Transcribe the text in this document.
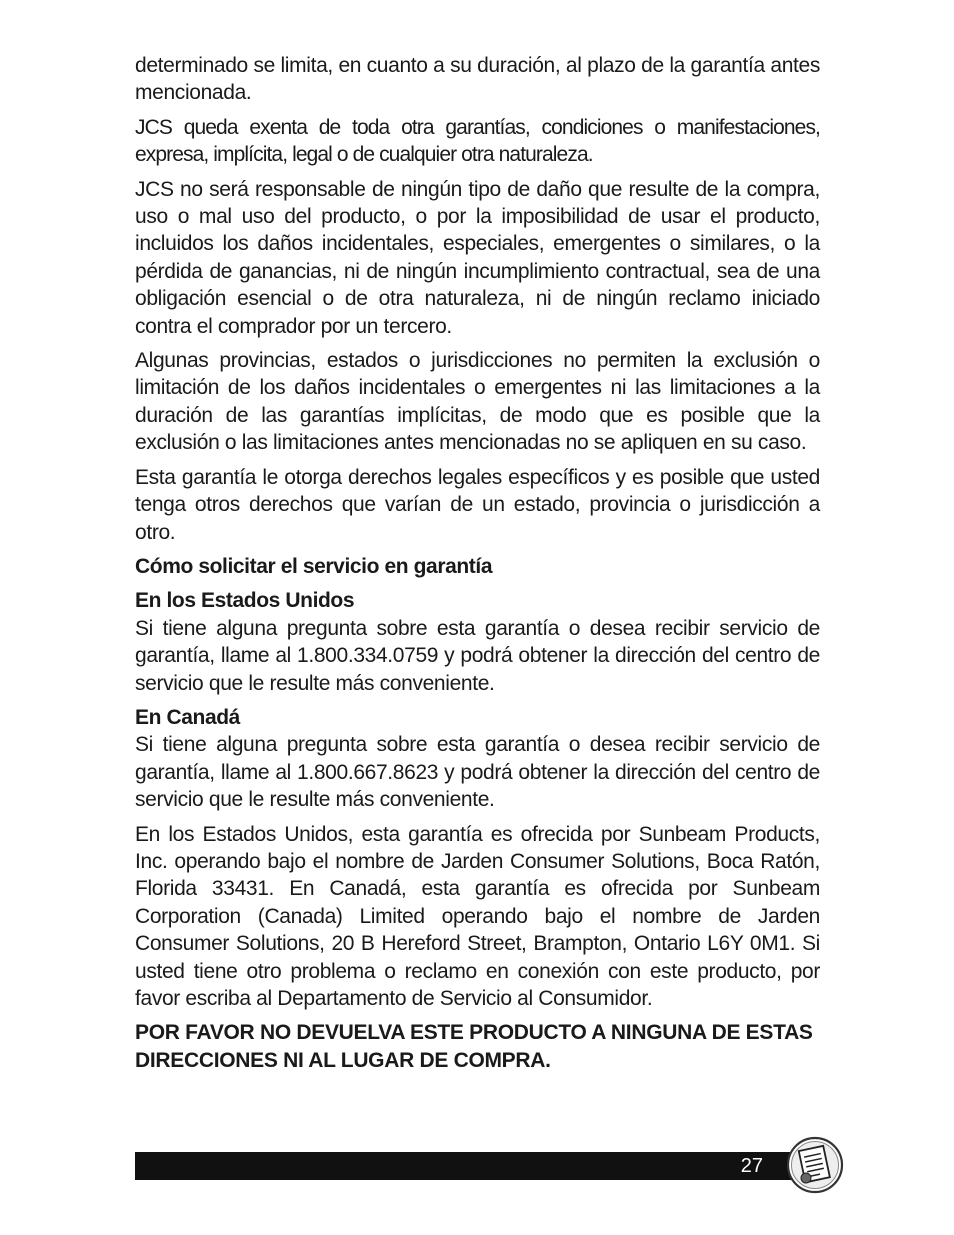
determinado se limita, en cuanto a su duración, al plazo de la garantía antes mencionada.

JCS queda exenta de toda otra garantías, condiciones o manifestaciones, expresa, implícita, legal o de cualquier otra naturaleza.

JCS no será responsable de ningún tipo de daño que resulte de la compra, uso o mal uso del producto, o por la imposibilidad de usar el producto, incluidos los daños incidentales, especiales, emergentes o similares, o la pérdida de ganancias, ni de ningún incumplimiento contractual, sea de una obligación esencial o de otra naturaleza, ni de ningún reclamo iniciado contra el comprador por un tercero.

Algunas provincias, estados o jurisdicciones no permiten la exclusión o limitación de los daños incidentales o emergentes ni las limitaciones a la duración de las garantías implícitas, de modo que es posible que la exclusión o las limitaciones antes mencionadas no se apliquen en su caso.

Esta garantía le otorga derechos legales específicos y es posible que usted tenga otros derechos que varían de un estado, provincia o jurisdicción a otro.

Cómo solicitar el servicio en garantía
En los Estados Unidos

Si tiene alguna pregunta sobre esta garantía o desea recibir servicio de garantía, llame al 1.800.334.0759 y podrá obtener la dirección del centro de servicio que le resulte más conveniente.

En Canadá

Si tiene alguna pregunta sobre esta garantía o desea recibir servicio de garantía, llame al 1.800.667.8623 y podrá obtener la dirección del centro de servicio que le resulte más conveniente.

En los Estados Unidos, esta garantía es ofrecida por Sunbeam Products, Inc. operando bajo el nombre de Jarden Consumer Solutions, Boca Ratón, Florida 33431. En Canadá, esta garantía es ofrecida por Sunbeam Corporation (Canada) Limited operando bajo el nombre de Jarden Consumer Solutions, 20 B Hereford Street, Brampton, Ontario L6Y 0M1. Si usted tiene otro problema o reclamo en conexión con este producto, por favor escriba al Departamento de Servicio al Consumidor.

POR FAVOR NO DEVUELVA ESTE PRODUCTO A NINGUNA DE ESTAS DIRECCIONES NI AL LUGAR DE COMPRA.
27
